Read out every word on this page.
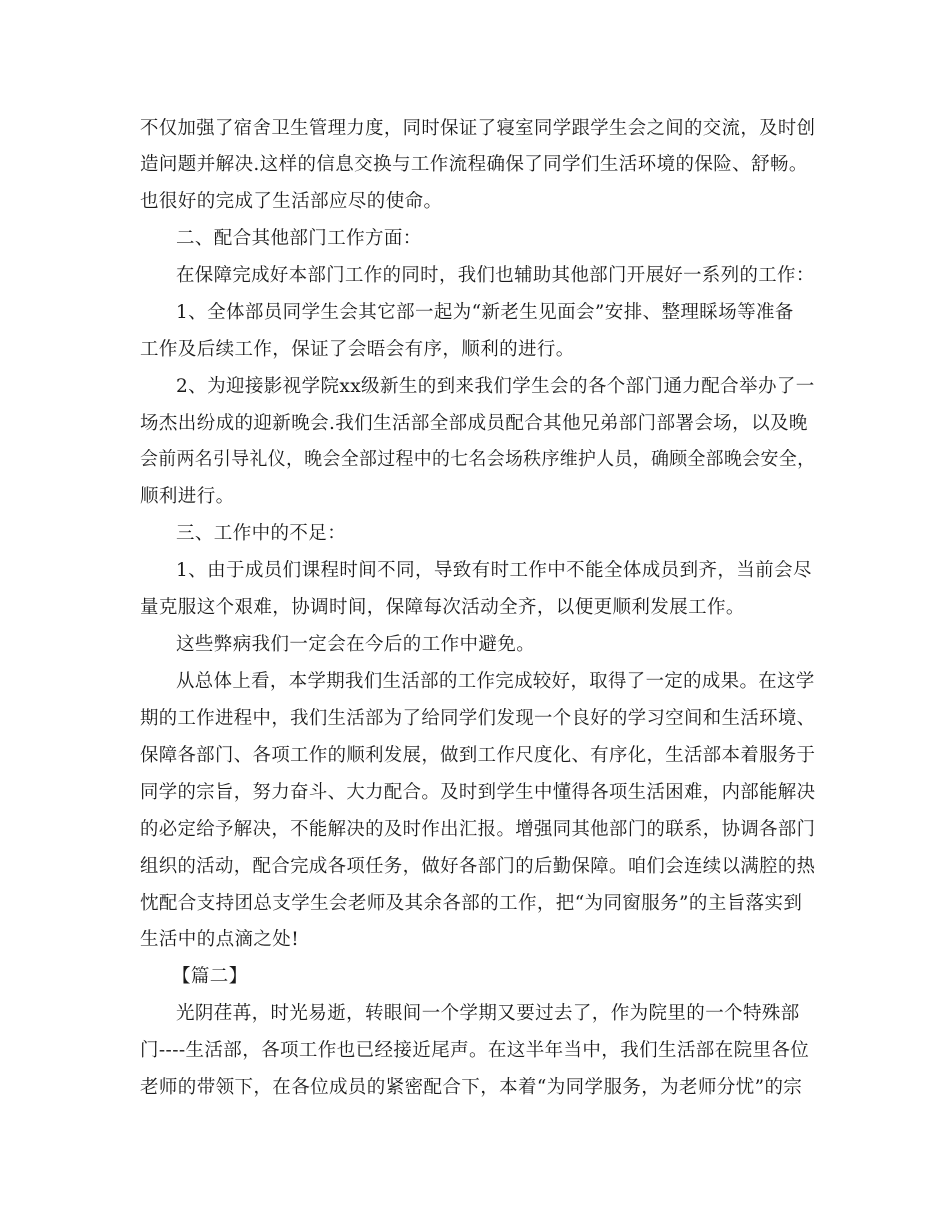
不仅加强了宿舍卫生管理力度，同时保证了寝室同学跟学生会之间的交流，及时创
造问题并解决.这样的信息交换与工作流程确保了同学们生活环境的保险、舒畅。
也很好的完成了生活部应尽的使命。
二、配合其他部门工作方面：
在保障完成好本部门工作的同时，我们也辅助其他部门开展好一系列的工作：
1、全体部员同学生会其它部一起为“新老生见面会”安排、整理睬场等准备
工作及后续工作，保证了会晤会有序，顺利的进行。
2、为迎接影视学院xx级新生的到来我们学生会的各个部门通力配合举办了一
场杰出纷成的迎新晚会.我们生活部全部成员配合其他兄弟部门部署会场，以及晚
会前两名引导礼仪，晚会全部过程中的七名会场秩序维护人员，确顾全部晚会安全，
顺利进行。
三、工作中的不足：
1、由于成员们课程时间不同，导致有时工作中不能全体成员到齐，当前会尽
量克服这个艰难，协调时间，保障每次活动全齐，以便更顺利发展工作。
这些弊病我们一定会在今后的工作中避免。
从总体上看，本学期我们生活部的工作完成较好，取得了一定的成果。在这学
期的工作进程中，我们生活部为了给同学们发现一个良好的学习空间和生活环境、
保障各部门、各项工作的顺利发展，做到工作尺度化、有序化，生活部本着服务于
同学的宗旨，努力奋斗、大力配合。及时到学生中懂得各项生活困难，内部能解决
的必定给予解决，不能解决的及时作出汇报。增强同其他部门的联系，协调各部门
组织的活动，配合完成各项任务，做好各部门的后勤保障。咱们会连续以满腔的热
忱配合支持团总支学生会老师及其余各部的工作，把“为同窗服务”的主旨落实到
生活中的点滴之处!
【篇二】
光阴荏苒，时光易逝，转眼间一个学期又要过去了，作为院里的一个特殊部
门----生活部，各项工作也已经接近尾声。在这半年当中，我们生活部在院里各位
老师的带领下，在各位成员的紧密配合下，本着“为同学服务，为老师分忧”的宗
